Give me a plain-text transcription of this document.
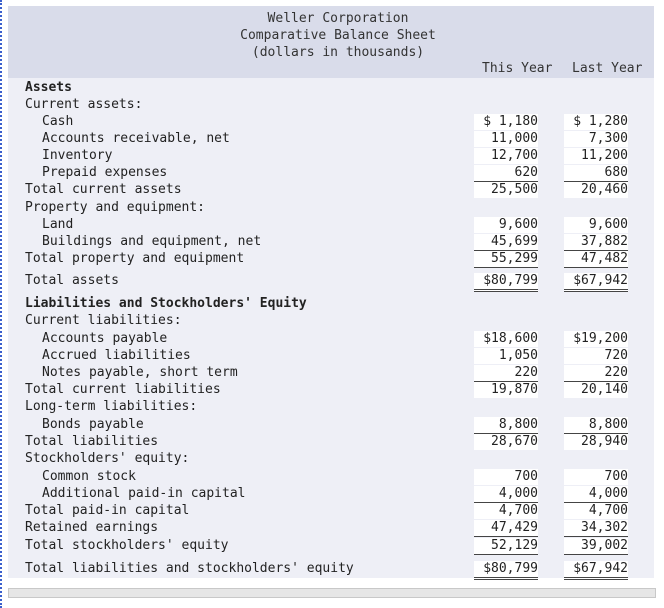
Weller Corporation
Comparative Balance Sheet
(dollars in thousands)
This Year Last Year
Assets
Current assets:
Cash	$ 1,180	$ 1,280
Accounts receivable, net	11,000	7,300
Inventory	12,700	11,200
Prepaid expenses	620	680
Total current assets	25,500	20,460
Property and equipment:
Land	9,600	9,600
Buildings and equipment, net	45,699	37,882
Total property and equipment	55,299	47,482
Total assets	$80,799	$67,942
Liabilities and Stockholders' Equity
Current liabilities:
Accounts payable	$18,600	$19,200
Accrued liabilities	1,050	720
Notes payable, short term	220	220
Total current liabilities	19,870	20,140
Long-term liabilities:
Bonds payable	8,800	8,800
Total liabilities	28,670	28,940
Stockholders' equity:
Common stock	700	700
Additional paid-in capital	4,000	4,000
Total paid-in capital	4,700	4,700
Retained earnings	47,429	34,302
Total stockholders' equity	52,129	39,002
Total liabilities and stockholders' equity	$80,799	$67,942
